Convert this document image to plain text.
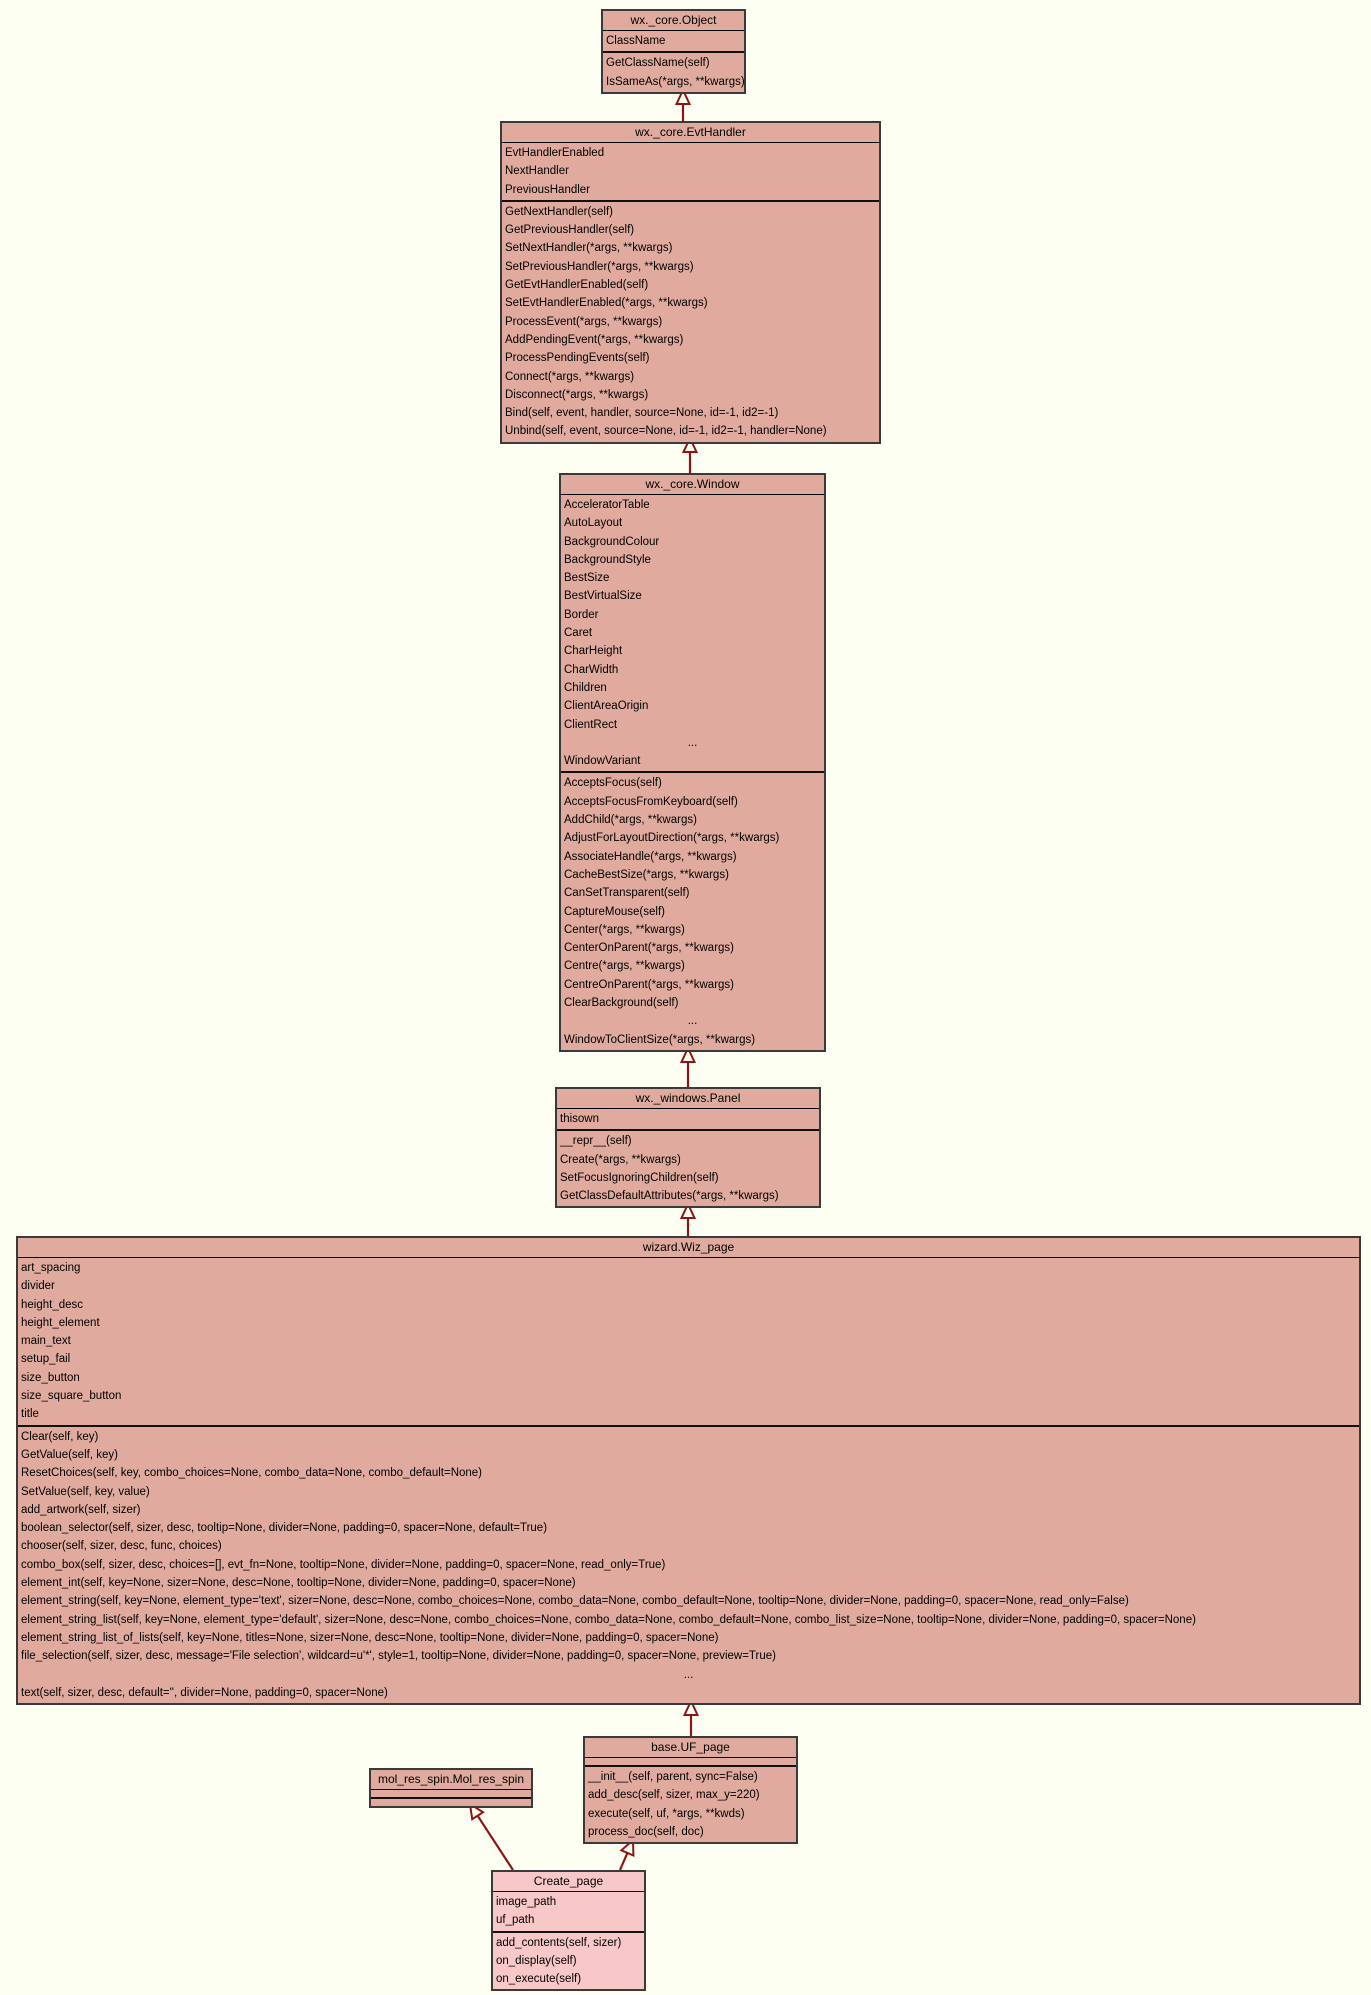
wx._core.Object
ClassName
GetClassName(self)
IsSameAs(*args, **kwargs)
wx._core.EvtHandler
EvtHandlerEnabled
NextHandler
PreviousHandler
GetNextHandler(self)
GetPreviousHandler(self)
SetNextHandler(*args, **kwargs)
SetPreviousHandler(*args, **kwargs)
GetEvtHandlerEnabled(self)
SetEvtHandlerEnabled(*args, **kwargs)
ProcessEvent(*args, **kwargs)
AddPendingEvent(*args, **kwargs)
ProcessPendingEvents(self)
Connect(*args, **kwargs)
Disconnect(*args, **kwargs)
Bind(self, event, handler, source=None, id=-1, id2=-1)
Unbind(self, event, source=None, id=-1, id2=-1, handler=None)
wx._core.Window
AcceleratorTable
AutoLayout
BackgroundColour
BackgroundStyle
BestSize
BestVirtualSize
Border
Caret
CharHeight
CharWidth
Children
ClientAreaOrigin
ClientRect
...
WindowVariant
AcceptsFocus(self)
AcceptsFocusFromKeyboard(self)
AddChild(*args, **kwargs)
AdjustForLayoutDirection(*args, **kwargs)
AssociateHandle(*args, **kwargs)
CacheBestSize(*args, **kwargs)
CanSetTransparent(self)
CaptureMouse(self)
Center(*args, **kwargs)
CenterOnParent(*args, **kwargs)
Centre(*args, **kwargs)
CentreOnParent(*args, **kwargs)
ClearBackground(self)
...
WindowToClientSize(*args, **kwargs)
wx._windows.Panel
thisown
__repr__(self)
Create(*args, **kwargs)
SetFocusIgnoringChildren(self)
GetClassDefaultAttributes(*args, **kwargs)
wizard.Wiz_page
art_spacing
divider
height_desc
height_element
main_text
setup_fail
size_button
size_square_button
title
Clear(self, key)
GetValue(self, key)
ResetChoices(self, key, combo_choices=None, combo_data=None, combo_default=None)
SetValue(self, key, value)
add_artwork(self, sizer)
boolean_selector(self, sizer, desc, tooltip=None, divider=None, padding=0, spacer=None, default=True)
chooser(self, sizer, desc, func, choices)
combo_box(self, sizer, desc, choices=[], evt_fn=None, tooltip=None, divider=None, padding=0, spacer=None, read_only=True)
element_int(self, key=None, sizer=None, desc=None, tooltip=None, divider=None, padding=0, spacer=None)
element_string(self, key=None, element_type='text', sizer=None, desc=None, combo_choices=None, combo_data=None, combo_default=None, tooltip=None, divider=None, padding=0, spacer=None, read_only=False)
element_string_list(self, key=None, element_type='default', sizer=None, desc=None, combo_choices=None, combo_data=None, combo_default=None, combo_list_size=None, tooltip=None, divider=None, padding=0, spacer=None)
element_string_list_of_lists(self, key=None, titles=None, sizer=None, desc=None, tooltip=None, divider=None, padding=0, spacer=None)
file_selection(self, sizer, desc, message='File selection', wildcard=u'*', style=1, tooltip=None, divider=None, padding=0, spacer=None, preview=True)
...
text(self, sizer, desc, default='', divider=None, padding=0, spacer=None)
base.UF_page
__init__(self, parent, sync=False)
add_desc(self, sizer, max_y=220)
execute(self, uf, *args, **kwds)
process_doc(self, doc)
mol_res_spin.Mol_res_spin
Create_page
image_path
uf_path
add_contents(self, sizer)
on_display(self)
on_execute(self)
